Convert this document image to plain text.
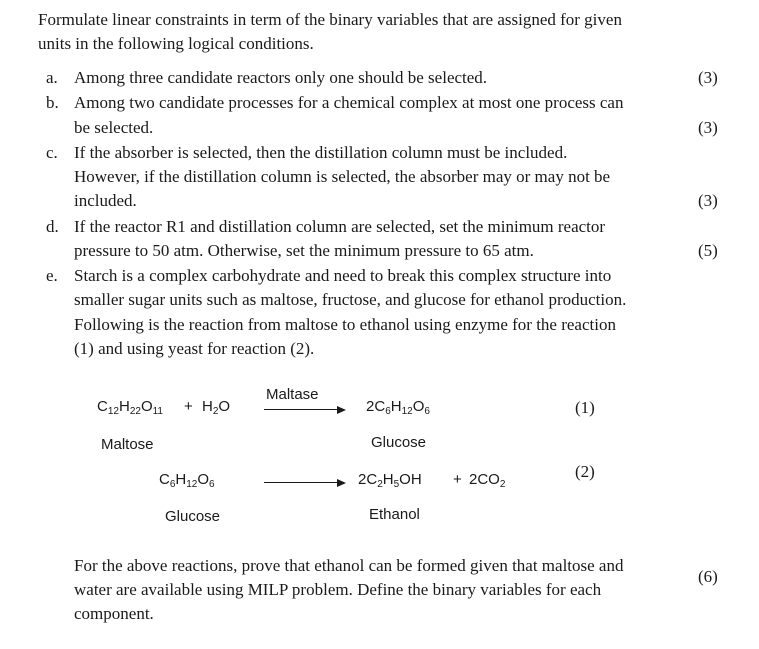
Formulate linear constraints in term of the binary variables that are assigned for given
units in the following logical conditions.
a. Among three candidate reactors only one should be selected.	(3)
b. Among two candidate processes for a chemical complex at most one process can
be selected.	(3)
c. If the absorber is selected, then the distillation column must be included.
However, if the distillation column is selected, the absorber may or may not be
included.	(3)
d. If the reactor R1 and distillation column are selected, set the minimum reactor
pressure to 50 atm. Otherwise, set the minimum pressure to 65 atm.	(5)
e. Starch is a complex carbohydrate and need to break this complex structure into
smaller sugar units such as maltose, fructose, and glucose for ethanol production.
Following is the reaction from maltose to ethanol using enzyme for the reaction
(1) and using yeast for reaction (2).
$C_{12}H_{22}O_{11} + H_2O$
Maltase
$2C_6H_{12}O_6$	(1)
Maltose	Glucose
$C_6H_{12}O_6$	$2C_2H_5OH + 2CO_2$
(2)
Glucose	Ethanol
For the above reactions, prove that ethanol can be formed given that maltose and
water are available using MILP problem. Define the binary variables for each
component.
(6)
